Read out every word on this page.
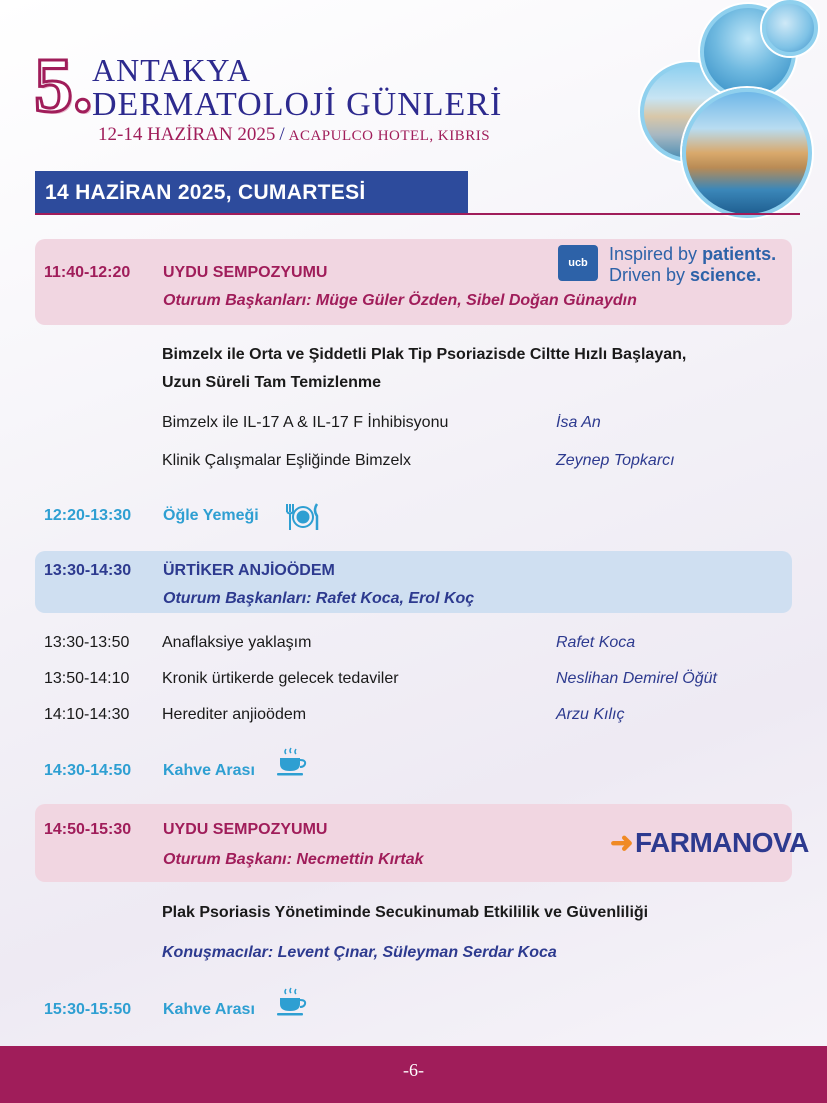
5. ANTAKYA
DERMATOLOJİ GÜNLERİ
12-14 HAZİRAN 2025 / ACAPULCO HOTEL, KIBRIS
14 HAZİRAN 2025, CUMARTESİ
ucb	Inspired by patients.
Driven by science.
11:40-12:20 UYDU SEMPOZYUMU
Oturum Başkanları: Müge Güler Özden, Sibel Doğan Günaydın
Bimzelx ile Orta ve Şiddetli Plak Tip Psoriazisde Ciltte Hızlı Başlayan,
Uzun Süreli Tam Temizlenme
Bimzelx ile IL-17 A & IL-17 F İnhibisyonu	İsa An
Klinik Çalışmalar Eşliğinde Bimzelx	Zeynep Topkarcı
12:20-13:30 Öğle Yemeği
13:30-14:30 ÜRTİKER ANJİOÖDEM
Oturum Başkanları: Rafet Koca, Erol Koç
13:30-13:50 Anaflaksiye yaklaşım	Rafet Koca
13:50-14:10 Kronik ürtikerde gelecek tedaviler	Neslihan Demirel Öğüt
14:10-14:30 Herediter anjioödem	Arzu Kılıç
14:30-14:50 Kahve Arası
➜FARMANOVA
14:50-15:30 UYDU SEMPOZYUMU
Oturum Başkanı: Necmettin Kırtak
Plak Psoriasis Yönetiminde Secukinumab Etkililik ve Güvenliliği
Konuşmacılar: Levent Çınar, Süleyman Serdar Koca
15:30-15:50 Kahve Arası
-6-
